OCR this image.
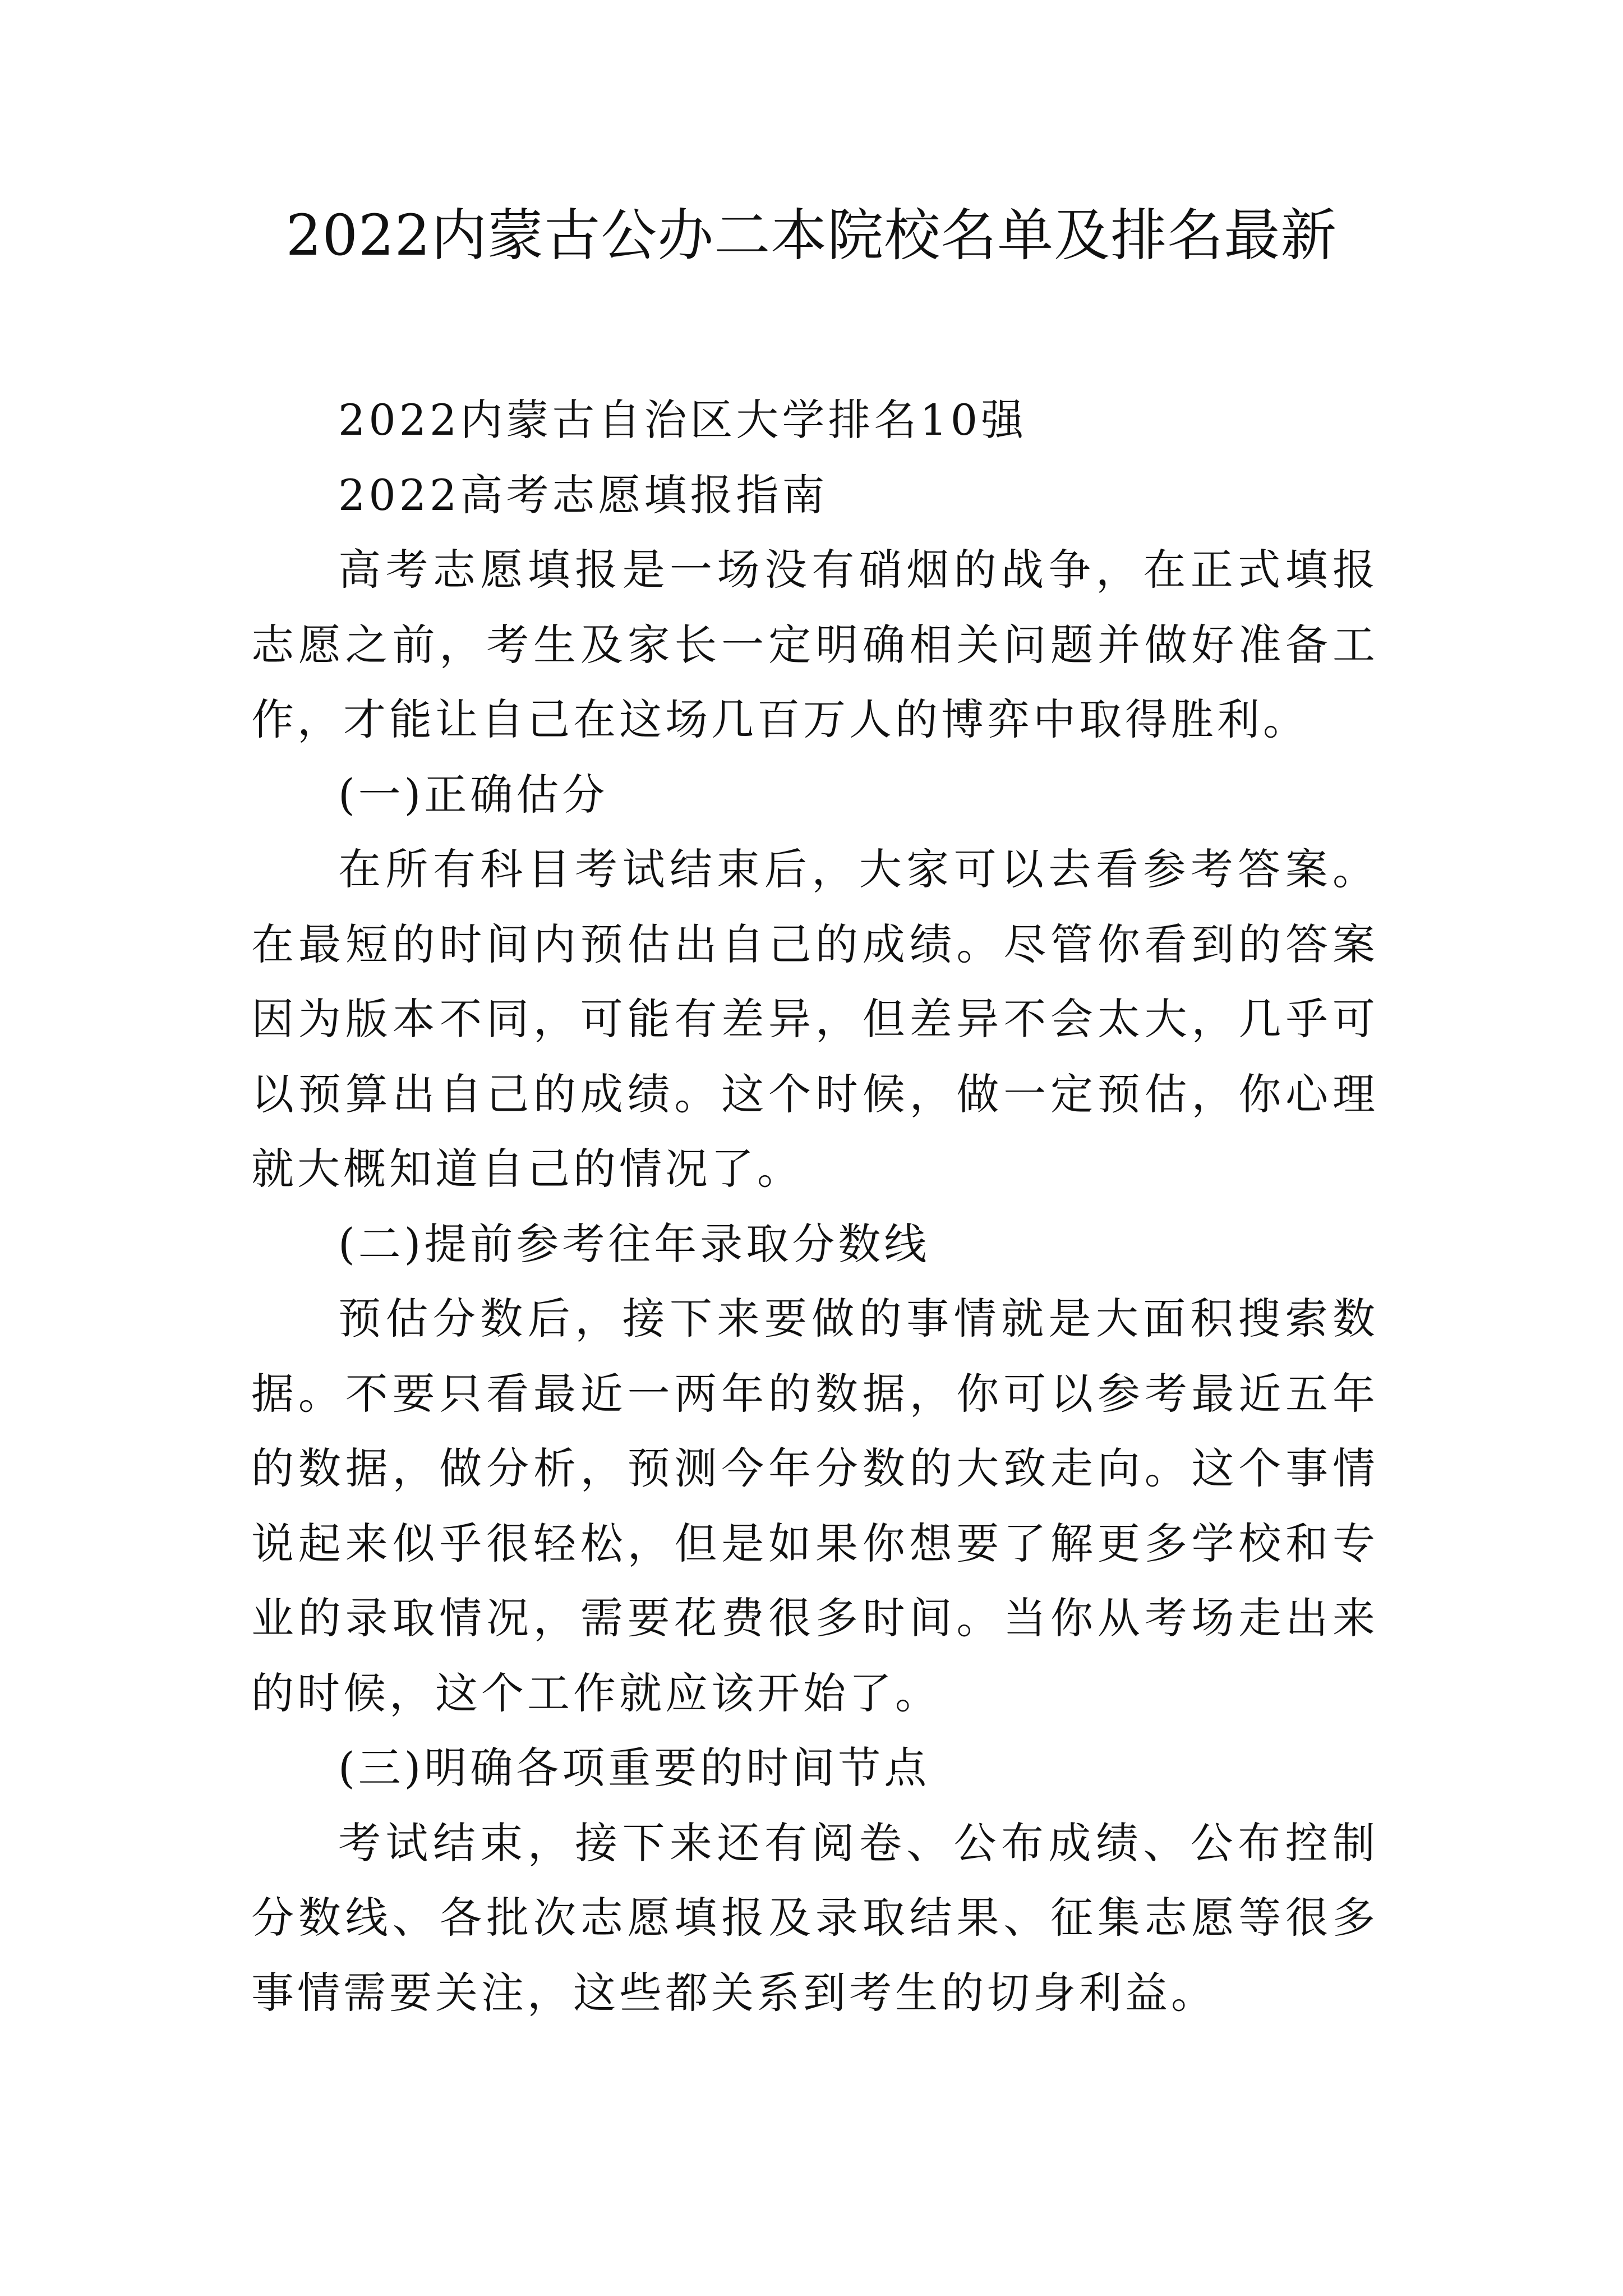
2022内蒙古公办二本院校名单及排名最新

2022内蒙古自治区大学排名10强

2022高考志愿填报指南

高考志愿填报是一场没有硝烟的战争，在正式填报志愿之前，考生及家长一定明确相关问题并做好准备工作，才能让自己在这场几百万人的博弈中取得胜利。

(一)正确估分

在所有科目考试结束后，大家可以去看参考答案。在最短的时间内预估出自己的成绩。尽管你看到的答案因为版本不同，可能有差异，但差异不会太大，几乎可以预算出自己的成绩。这个时候，做一定预估，你心理就大概知道自己的情况了。

(二)提前参考往年录取分数线

预估分数后，接下来要做的事情就是大面积搜索数据。不要只看最近一两年的数据，你可以参考最近五年的数据，做分析，预测今年分数的大致走向。这个事情说起来似乎很轻松，但是如果你想要了解更多学校和专业的录取情况，需要花费很多时间。当你从考场走出来的时候，这个工作就应该开始了。

(三)明确各项重要的时间节点

考试结束，接下来还有阅卷、公布成绩、公布控制分数线、各批次志愿填报及录取结果、征集志愿等很多事情需要关注，这些都关系到考生的切身利益。
